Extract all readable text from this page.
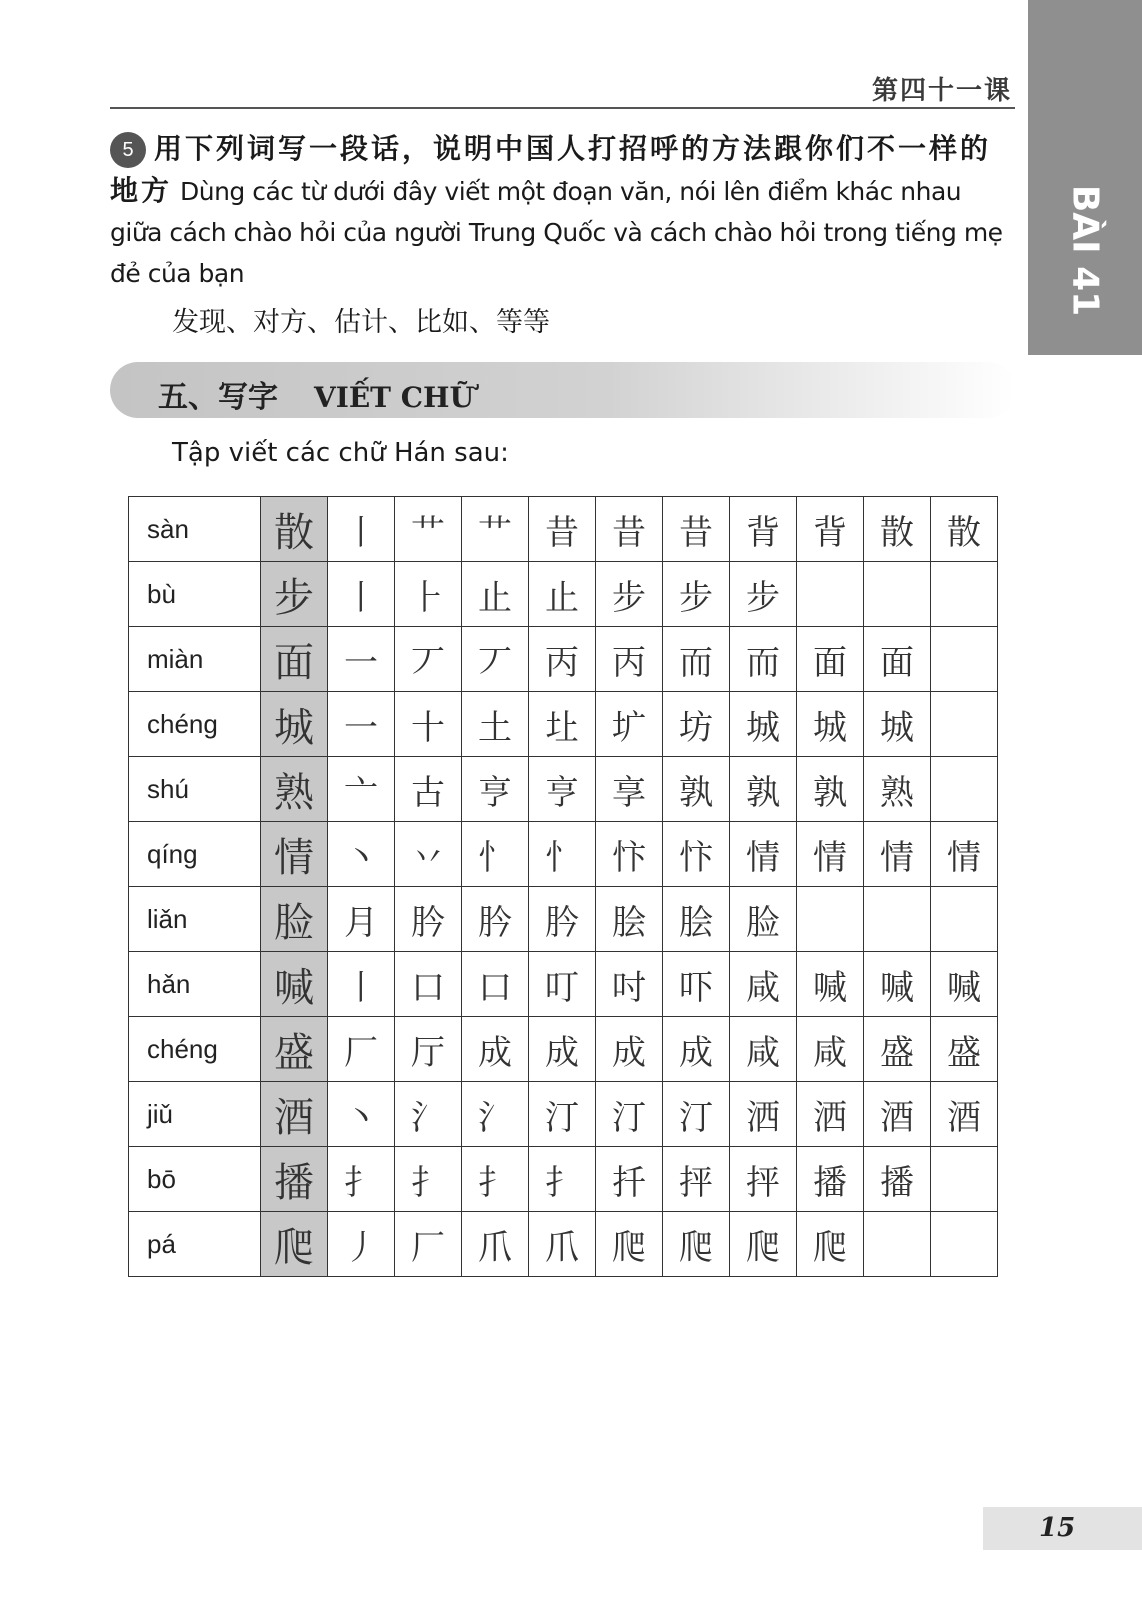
BÀI 41
第四十一课
5 用下列词写一段话，说明中国人打招呼的方法跟你们不一样的地方 Dùng các từ dưới đây viết một đoạn văn, nói lên điểm khác nhau giữa cách chào hỏi của người Trung Quốc và cách chào hỏi trong tiếng mẹ đẻ của bạn
发现、对方、估计、比如、等等
五、写字 VIẾT CHỮ
Tập viết các chữ Hán sau:
sàn	散	丨	艹	艹	昔	昔	昔	背	背	散	散
bù	步	丨	⺊	止	止	步	步	步			
miàn	面	一	丆	丆	丙	丙	而	而	面	面	
chéng	城	一	十	土	圵	圹	坊	城	城	城	
shú	熟	亠	古	亨	亨	享	孰	孰	孰	熟	
qíng	情	丶	丷	忄	忄	忭	忭	情	情	情	情
liǎn	脸	月	肣	肣	肣	脍	脍	脸			
hǎn	喊	丨	口	口	叮	吋	吓	咸	喊	喊	喊
chéng	盛	厂	厅	成	成	成	成	咸	咸	盛	盛
jiǔ	酒	丶	氵	氵	汀	汀	汀	洒	洒	酒	酒
bō	播	扌	扌	扌	扌	扦	抨	抨	播	播	
pá	爬	丿	厂	爪	爪	爬	爬	爬	爬		
15
